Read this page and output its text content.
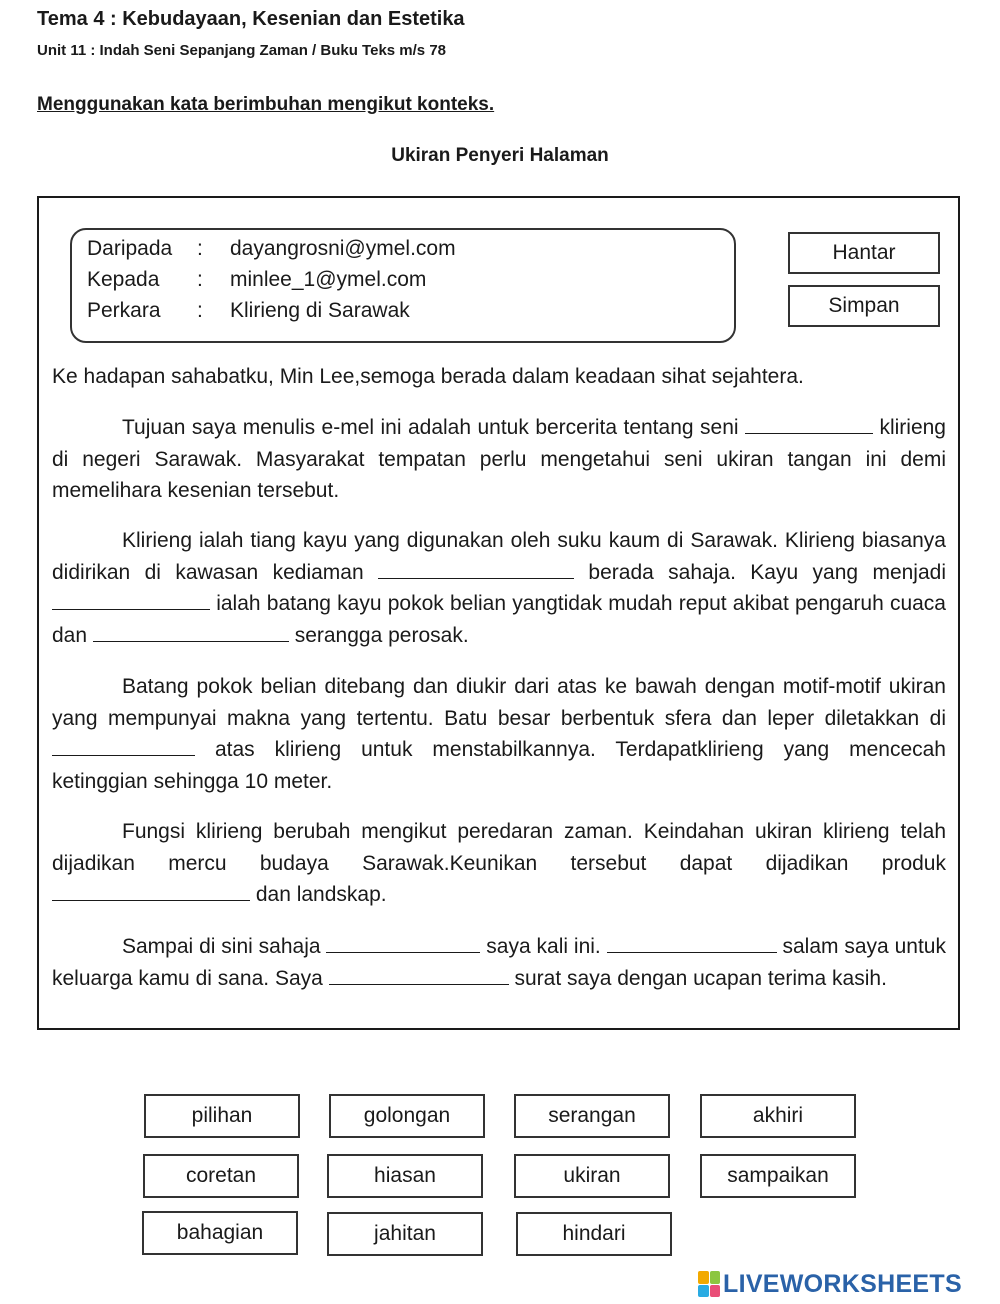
Tema 4 : Kebudayaan, Kesenian dan Estetika
Unit 11 : Indah Seni Sepanjang Zaman / Buku Teks m/s 78
Menggunakan kata berimbuhan mengikut konteks.
Ukiran Penyeri Halaman
Daripada : dayangrosni@ymel.com
Kepada : minlee_1@ymel.com
Perkara : Klirieng di Sarawak
Hantar
Simpan
Ke hadapan sahabatku, Min Lee,semoga berada dalam keadaan sihat sejahtera.
Tujuan saya menulis e-mel ini adalah untuk bercerita tentang seni	klirieng di negeri Sarawak. Masyarakat tempatan perlu mengetahui seni ukiran tangan ini demi memelihara kesenian tersebut.
Klirieng ialah tiang kayu yang digunakan oleh suku kaum di Sarawak. Klirieng biasanya didirikan di kawasan kediaman	berada sahaja. Kayu yang menjadi  ialah batang kayu pokok belian yangtidak mudah reput akibat pengaruh cuaca dan	serangga perosak.
Batang pokok belian ditebang dan diukir dari atas ke bawah dengan motif-motif ukiran yang mempunyai makna yang tertentu. Batu besar berbentuk sfera dan leper diletakkan di  atas klirieng untuk menstabilkannya. Terdapatklirieng yang mencecah ketinggian sehingga 10 meter.
Fungsi klirieng berubah mengikut peredaran zaman. Keindahan ukiran klirieng telah dijadikan mercu budaya Sarawak.Keunikan tersebut dapat dijadikan produk  dan landskap.
Sampai di sini sahaja	saya kali ini.	salam saya untuk keluarga kamu di sana. Saya	surat saya dengan ucapan terima kasih.
pilihan	golongan	serangan	akhiri
coretan	hiasan	ukiran	sampaikan
bahagian	jahitan	hindari
LIVEWORKSHEETS
